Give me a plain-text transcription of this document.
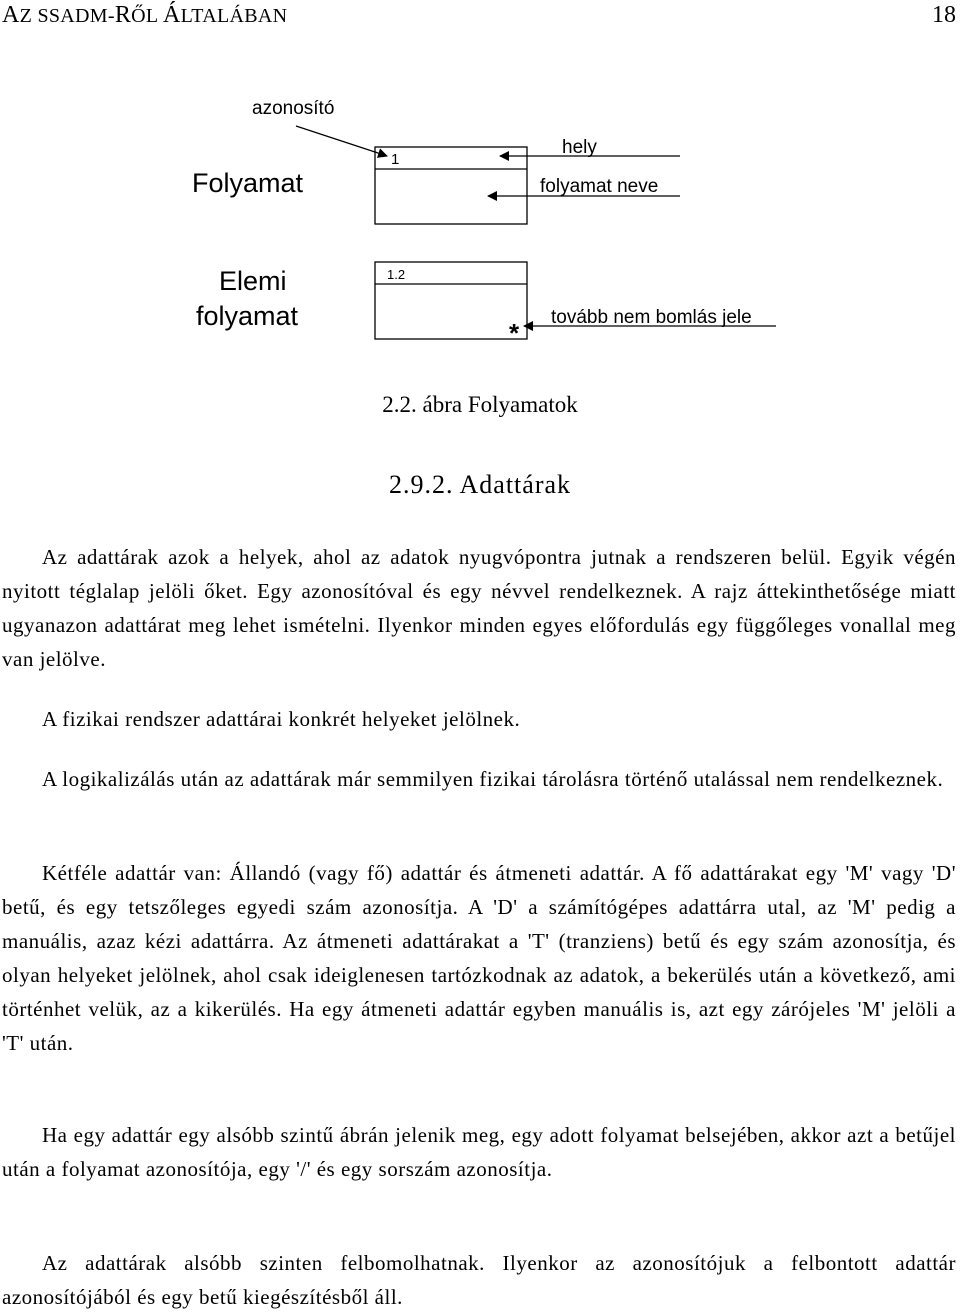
AZ SSADM-RŐL ÁLTALÁBAN	18
azonosító
hely
folyamat neve
Folyamat
1
Elemi
folyamat
1.2
*
tovább nem bomlás jele
2.2. ábra Folyamatok
2.9.2. Adattárak

Az adattárak azok a helyek, ahol az adatok nyugvópontra jutnak a rendszeren belül. Egyik végén nyitott téglalap jelöli őket. Egy azonosítóval és egy névvel rendelkeznek. A rajz áttekinthetősége miatt ugyanazon adattárat meg lehet ismételni. Ilyenkor minden egyes előfordulás egy függőleges vonallal meg van jelölve.

A fizikai rendszer adattárai konkrét helyeket jelölnek.

A logikalizálás után az adattárak már semmilyen fizikai tárolásra történő utalással nem rendelkeznek.

Kétféle adattár van: Állandó (vagy fő) adattár és átmeneti adattár. A fő adattárakat egy 'M' vagy 'D' betű, és egy tetszőleges egyedi szám azonosítja. A 'D' a számítógépes adattárra utal, az 'M' pedig a manuális, azaz kézi adattárra. Az átmeneti adattárakat a 'T' (tranziens) betű és egy szám azonosítja, és olyan helyeket jelölnek, ahol csak ideiglenesen tartózkodnak az adatok, a bekerülés után a következő, ami történhet velük, az a kikerülés. Ha egy átmeneti adattár egyben manuális is, azt egy zárójeles 'M' jelöli a 'T' után.

Ha egy adattár egy alsóbb szintű ábrán jelenik meg, egy adott folyamat belsejében, akkor azt a betűjel után a folyamat azonosítója, egy '/' és egy sorszám azonosítja.

Az adattárak alsóbb szinten felbomolhatnak. Ilyenkor az azonosítójuk a felbontott adattár azonosítójából és egy betű kiegészítésből áll.
